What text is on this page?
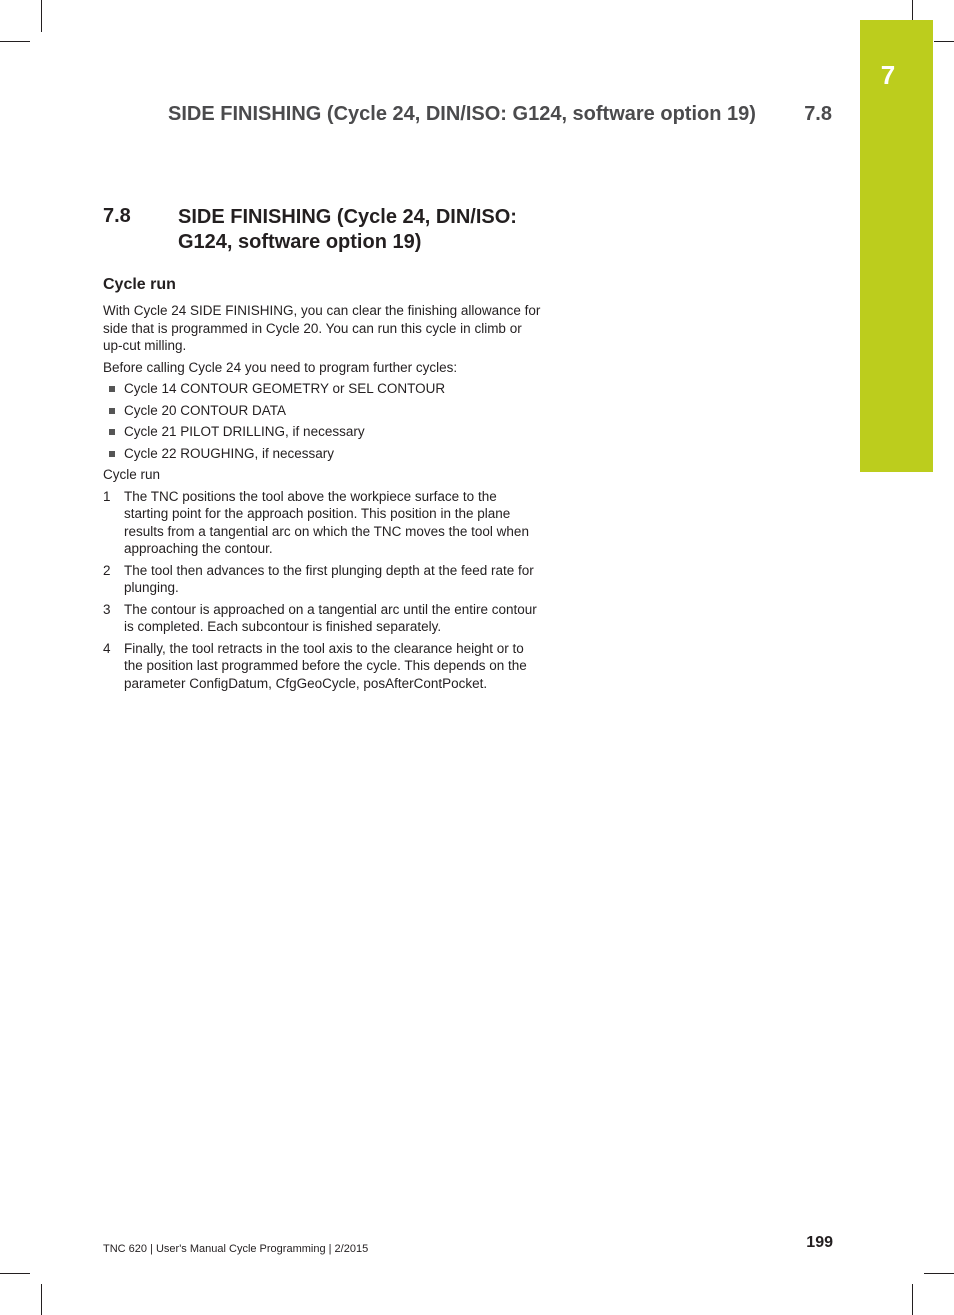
7
SIDE FINISHING (Cycle 24, DIN/ISO: G124, software option 19) 7.8
7.8 SIDE FINISHING (Cycle 24, DIN/ISO: G124, software option 19)
Cycle run

With Cycle 24 SIDE FINISHING, you can clear the finishing allowance for side that is programmed in Cycle 20. You can run this cycle in climb or up-cut milling.

Before calling Cycle 24 you need to program further cycles:

Cycle 14 CONTOUR GEOMETRY or SEL CONTOUR
Cycle 20 CONTOUR DATA
Cycle 21 PILOT DRILLING, if necessary
Cycle 22 ROUGHING, if necessary

Cycle run

1 The TNC positions the tool above the workpiece surface to the starting point for the approach position. This position in the plane results from a tangential arc on which the TNC moves the tool when approaching the contour.
2 The tool then advances to the first plunging depth at the feed rate for plunging.
3 The contour is approached on a tangential arc until the entire contour is completed. Each subcontour is finished separately.
4 Finally, the tool retracts in the tool axis to the clearance height or to the position last programmed before the cycle. This depends on the parameter ConfigDatum, CfgGeoCycle, posAfterContPocket.
TNC 620 | User's Manual Cycle Programming | 2/2015	199
